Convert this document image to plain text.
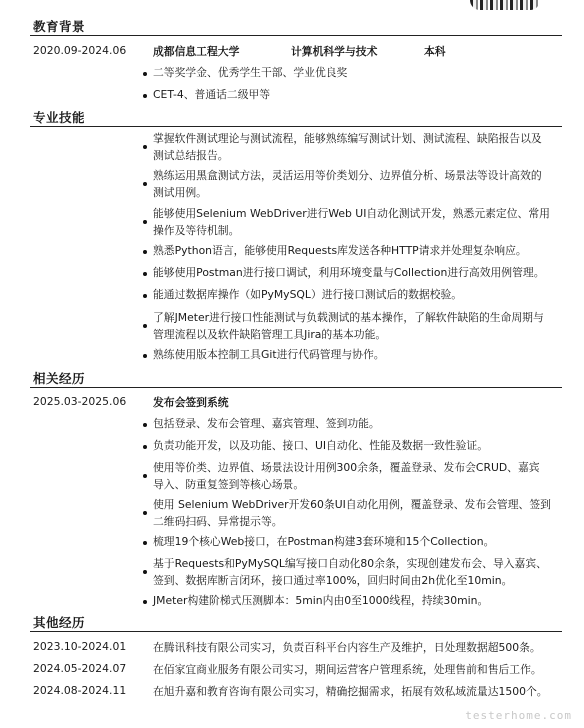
教育背景
2020.09-2024.06 成都信息工程大学	计算机科学与技术	本科
二等奖学金、优秀学生干部、学业优良奖
CET-4、普通话二级甲等
专业技能
掌握软件测试理论与测试流程，能够熟练编写测试计划、测试流程、缺陷报告以及
测试总结报告。
熟练运用黑盒测试方法，灵活运用等价类划分、边界值分析、场景法等设计高效的
测试用例。
能够使用Selenium WebDriver进行Web UI自动化测试开发，熟悉元素定位、常用
操作及等待机制。
熟悉Python语言，能够使用Requests库发送各种HTTP请求并处理复杂响应。
能够使用Postman进行接口调试，利用环境变量与Collection进行高效用例管理。
能通过数据库操作（如PyMySQL）进行接口测试后的数据校验。
了解JMeter进行接口性能测试与负载测试的基本操作，了解软件缺陷的生命周期与
管理流程以及软件缺陷管理工具Jira的基本功能。
熟练使用版本控制工具Git进行代码管理与协作。
相关经历
2025.03-2025.06 发布会签到系统
包括登录、发布会管理、嘉宾管理、签到功能。
负责功能开发，以及功能、接口、UI自动化、性能及数据一致性验证。
使用等价类、边界值、场景法设计用例300余条，覆盖登录、发布会CRUD、嘉宾
导入、防重复签到等核心场景。
使用 Selenium WebDriver开发60条UI自动化用例，覆盖登录、发布会管理、签到
二维码扫码、异常提示等。
梳理19个核心Web接口，在Postman构建3套环境和15个Collection。
基于Requests和PyMySQL编写接口自动化80余条，实现创建发布会、导入嘉宾、
签到、数据库断言闭环，接口通过率100%，回归时间由2h优化至10min。
JMeter构建阶梯式压测脚本：5min内由0至1000线程，持续30min。
其他经历
2023.10-2024.01 在腾讯科技有限公司实习，负责百科平台内容生产及维护，日处理数据超500条。
2024.05-2024.07 在佰家宜商业服务有限公司实习，期间运营客户管理系统，处理售前和售后工作。
2024.08-2024.11 在旭升嘉和教育咨询有限公司实习，精确挖掘需求，拓展有效私域流量达1500个。
testerhome.com
